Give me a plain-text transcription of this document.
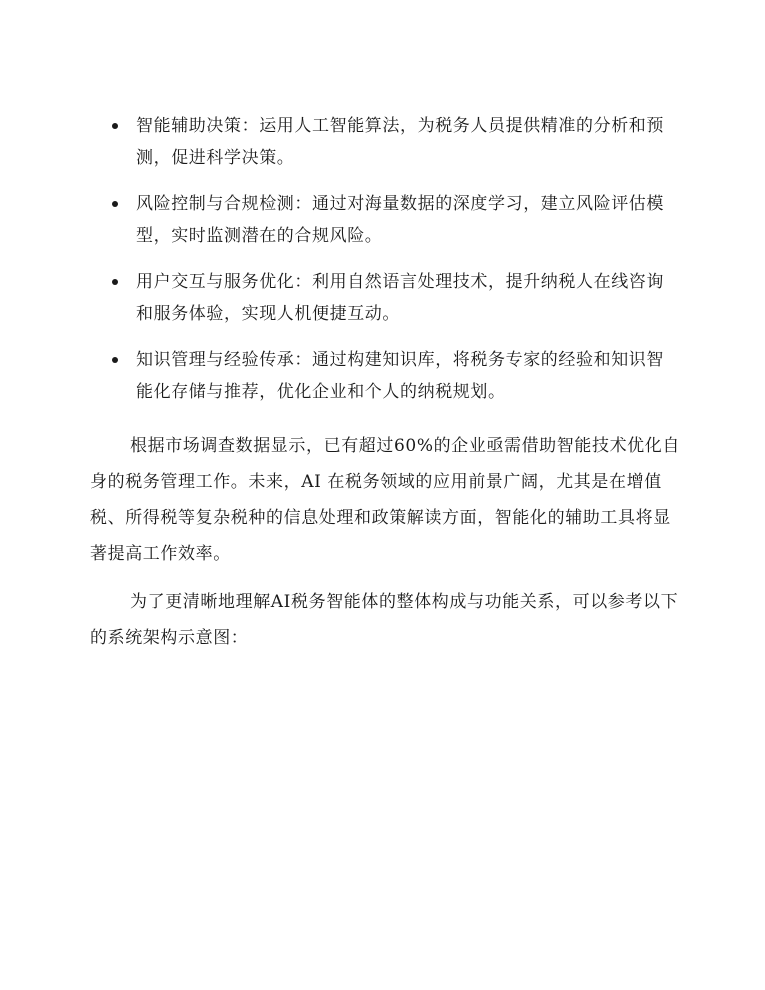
智能辅助决策：运用人工智能算法，为税务人员提供精准的分析和预测，促进科学决策。
风险控制与合规检测：通过对海量数据的深度学习，建立风险评估模型，实时监测潜在的合规风险。
用户交互与服务优化：利用自然语言处理技术，提升纳税人在线咨询和服务体验，实现人机便捷互动。
知识管理与经验传承：通过构建知识库，将税务专家的经验和知识智能化存储与推荐，优化企业和个人的纳税规划。

根据市场调查数据显示，已有超过60%的企业亟需借助智能技术优化自身的税务管理工作。未来，AI 在税务领域的应用前景广阔，尤其是在增值税、所得税等复杂税种的信息处理和政策解读方面，智能化的辅助工具将显著提高工作效率。

为了更清晰地理解AI税务智能体的整体构成与功能关系，可以参考以下的系统架构示意图：
